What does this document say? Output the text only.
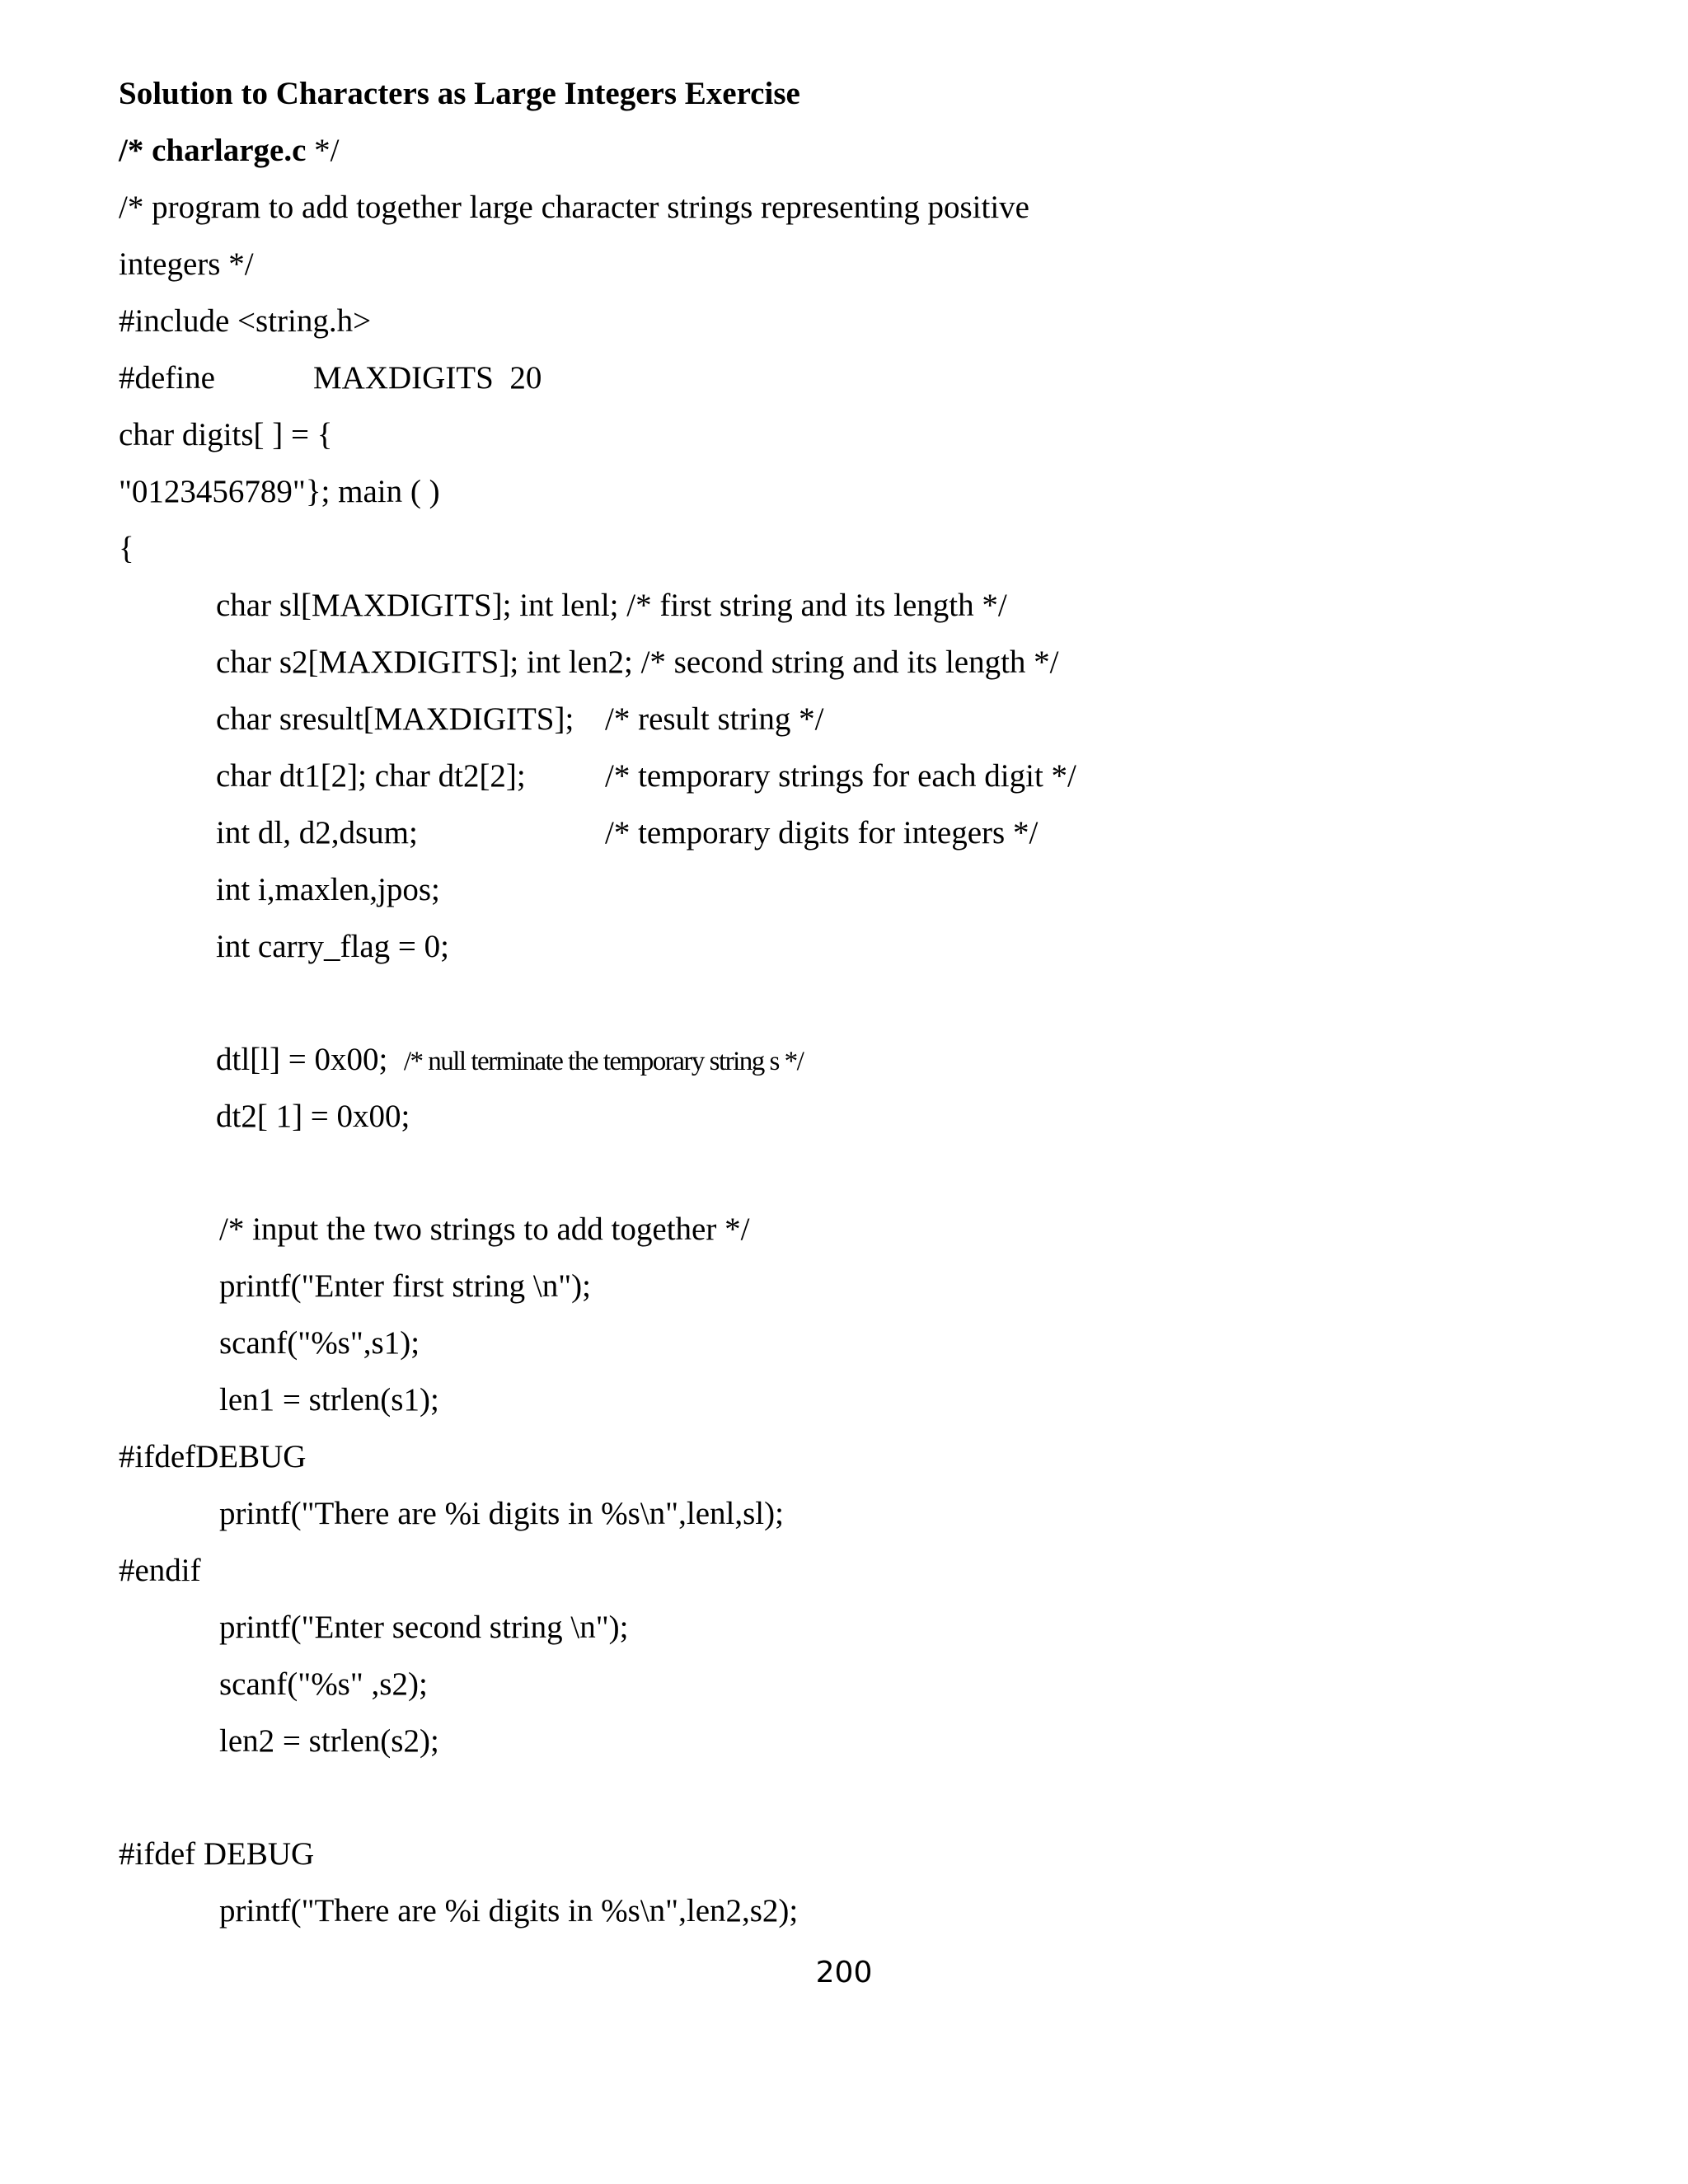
Solution to Characters as Large Integers Exercise
/* charlarge.c */
/* program to add together large character strings representing positive
integers */
#include <string.h>
#define	MAXDIGITS  20
char digits[ ] = {
"0123456789"}; main ( )
{
char sl[MAXDIGITS]; int lenl; /* first string and its length */
char s2[MAXDIGITS]; int len2; /* second string and its length */
char sresult[MAXDIGITS]; /* result string */
char dt1[2]; char dt2[2]; /* temporary strings for each digit */
int dl, d2,dsum;	/* temporary digits for integers */
int i,maxlen,jpos;
int carry_flag = 0;
dtl[l] = 0x00; /* null terminate the temporary string s */
dt2[ 1] = 0x00;
/* input the two strings to add together */
printf("Enter first string \n");
scanf("%s",s1);
len1 = strlen(s1);
#ifdefDEBUG
printf("There are %i digits in %s\n",lenl,sl);
#endif
printf("Enter second string \n");
scanf("%s" ,s2);
len2 = strlen(s2);
#ifdef DEBUG
printf("There are %i digits in %s\n",len2,s2);
200
